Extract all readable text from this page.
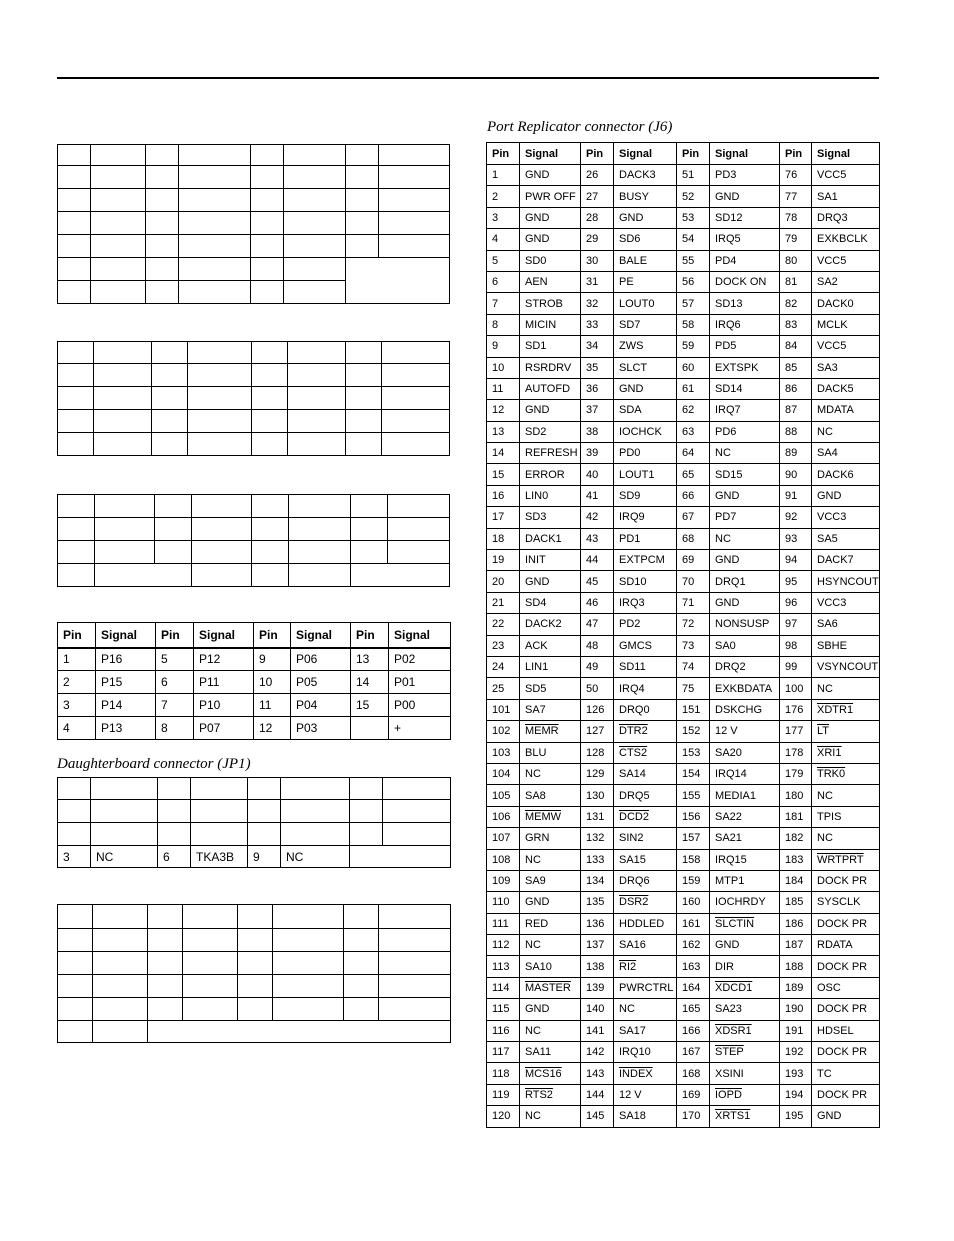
Pin	Signal	Pin	Signal	Pin	Signal	Pin	Signal
1	P16	5	P12	9	P06	13	P02
2	P15	6	P11	10	P05	14	P01
3	P14	7	P10	11	P04	15	P00
4	P13	8	P07	12	P03		+
Daughterboard connector (JP1)

3	NC	6	TKA3B	9	NC		

Port Replicator connector (J6)
Pin	Signal	Pin	Signal	Pin	Signal	Pin	Signal
1	GND	26	DACK3	51	PD3	76	VCC5
2	PWR OFF	27	BUSY	52	GND	77	SA1
3	GND	28	GND	53	SD12	78	DRQ3
4	GND	29	SD6	54	IRQ5	79	EXKBCLK
5	SD0	30	BALE	55	PD4	80	VCC5
6	AEN	31	PE	56	DOCK ON	81	SA2
7	STROB	32	LOUT0	57	SD13	82	DACK0
8	MICIN	33	SD7	58	IRQ6	83	MCLK
9	SD1	34	ZWS	59	PD5	84	VCC5
10	RSRDRV	35	SLCT	60	EXTSPK	85	SA3
11	AUTOFD	36	GND	61	SD14	86	DACK5
12	GND	37	SDA	62	IRQ7	87	MDATA
13	SD2	38	IOCHCK	63	PD6	88	NC
14	REFRESH	39	PD0	64	NC	89	SA4
15	ERROR	40	LOUT1	65	SD15	90	DACK6
16	LIN0	41	SD9	66	GND	91	GND
17	SD3	42	IRQ9	67	PD7	92	VCC3
18	DACK1	43	PD1	68	NC	93	SA5
19	INIT	44	EXTPCM	69	GND	94	DACK7
20	GND	45	SD10	70	DRQ1	95	HSYNCOUT
21	SD4	46	IRQ3	71	GND	96	VCC3
22	DACK2	47	PD2	72	NONSUSP	97	SA6
23	ACK	48	GMCS	73	SA0	98	SBHE
24	LIN1	49	SD11	74	DRQ2	99	VSYNCOUT
25	SD5	50	IRQ4	75	EXKBDATA	100	NC
101	SA7	126	DRQ0	151	DSKCHG	176	XDTR1
102	MEMR	127	DTR2	152	12 V	177	$\overline{LT}$
103	BLU	128	CTS2	153	SA20	178	XRI1
104	NC	129	SA14	154	IRQ14	179	TRK0
105	SA8	130	DRQ5	155	MEDIA1	180	NC
106	MEMW	131	DCD2	156	SA22	181	TPIS
107	GRN	132	SIN2	157	SA21	182	NC
108	NC	133	SA15	158	IRQ15	183	WRTPRT
109	SA9	134	DRQ6	159	MTP1	184	DOCK PR
110	GND	135	DSR2	160	IOCHRDY	185	SYSCLK
111	RED	136	HDDLED	161	SLCTIN	186	DOCK PR
112	NC	137	SA16	162	GND	187	RDATA
113	SA10	138	RI2	163	DIR	188	DOCK PR
114	MASTER	139	PWRCTRL	164	XDCD1	189	OSC
115	GND	140	NC	165	SA23	190	DOCK PR
116	NC	141	SA17	166	XDSR1	191	HDSEL
117	SA11	142	IRQ10	167	STEP	192	DOCK PR
118	MCS16	143	INDEX	168	XSINI	193	TC
119	RTS2	144	12 V	169	IOPD	194	DOCK PR
120	NC	145	SA18	170	XRTS1	195	GND
